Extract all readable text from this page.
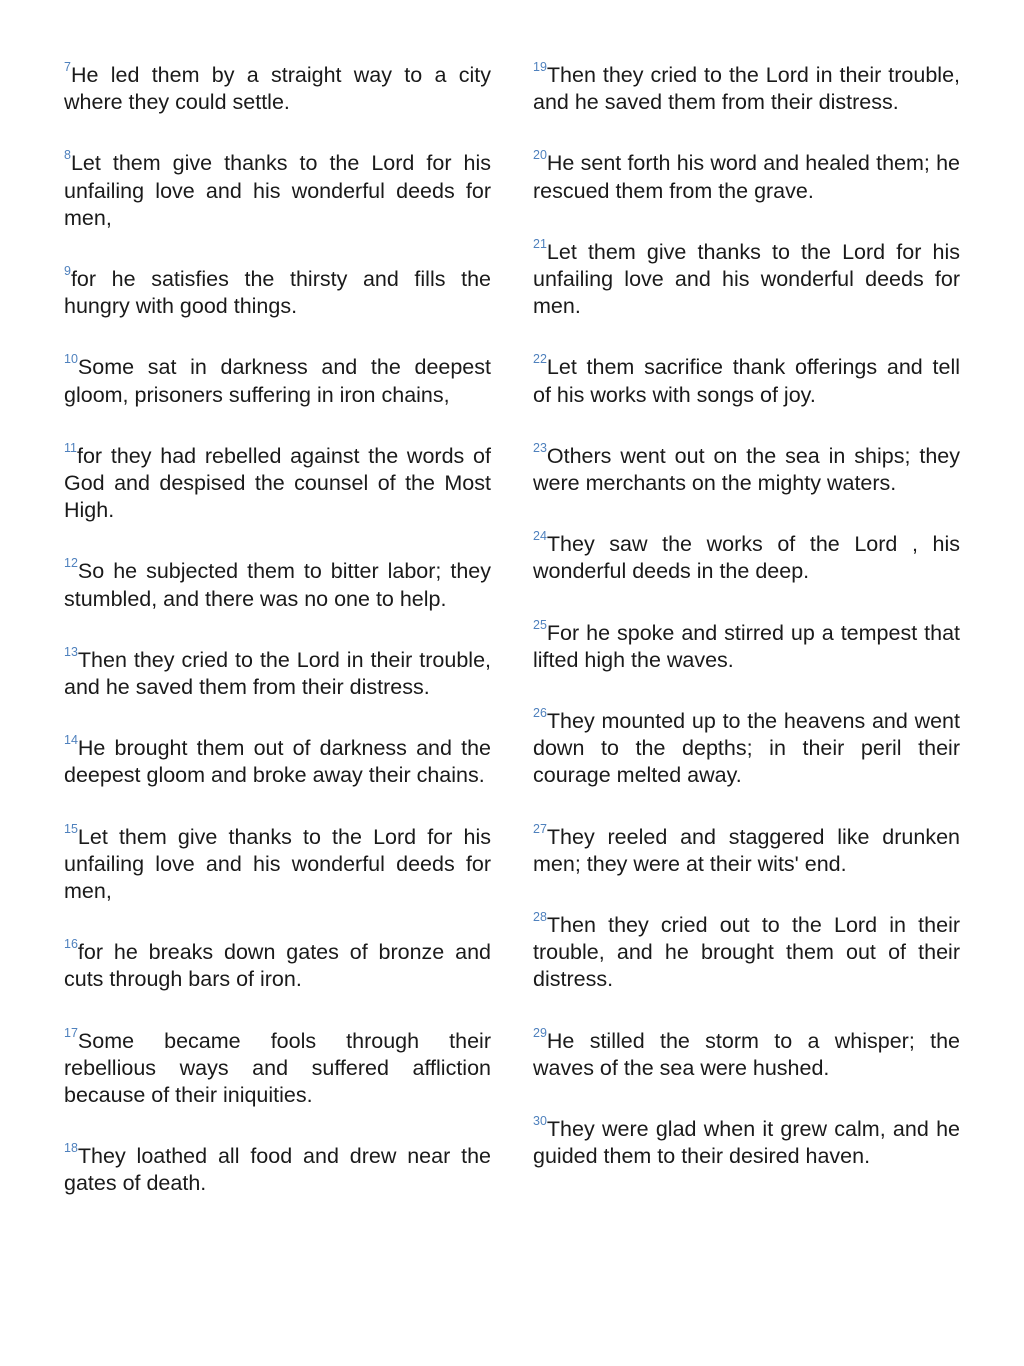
$^7$He led them by a straight way to a city where they could settle.

$^8$Let them give thanks to the Lord for his unfailing love and his wonderful deeds for men,

$^9$for he satisfies the thirsty and fills the hungry with good things.

$^{10}$Some sat in darkness and the deepest gloom, prisoners suffering in iron chains,

$^{11}$for they had rebelled against the words of God and despised the counsel of the Most High.

$^{12}$So he subjected them to bitter labor; they stumbled, and there was no one to help.

$^{13}$Then they cried to the Lord in their trouble, and he saved them from their distress.

$^{14}$He brought them out of darkness and the deepest gloom and broke away their chains.

$^{15}$Let them give thanks to the Lord for his unfailing love and his wonderful deeds for men,

$^{16}$for he breaks down gates of bronze and cuts through bars of iron.

$^{17}$Some became fools through their rebellious ways and suffered affliction because of their iniquities.

$^{18}$They loathed all food and drew near the gates of death.

$^{19}$Then they cried to the Lord in their trouble, and he saved them from their distress.

$^{20}$He sent forth his word and healed them; he rescued them from the grave.

$^{21}$Let them give thanks to the Lord for his unfailing love and his wonderful deeds for men.

$^{22}$Let them sacrifice thank offerings and tell of his works with songs of joy.

$^{23}$Others went out on the sea in ships; they were merchants on the mighty waters.

$^{24}$They saw the works of the Lord , his wonderful deeds in the deep.

$^{25}$For he spoke and stirred up a tempest that lifted high the waves.

$^{26}$They mounted up to the heavens and went down to the depths; in their peril their courage melted away.

$^{27}$They reeled and staggered like drunken men; they were at their wits' end.

$^{28}$Then they cried out to the Lord in their trouble, and he brought them out of their distress.

$^{29}$He stilled the storm to a whisper; the waves of the sea were hushed.

$^{30}$They were glad when it grew calm, and he guided them to their desired haven.
